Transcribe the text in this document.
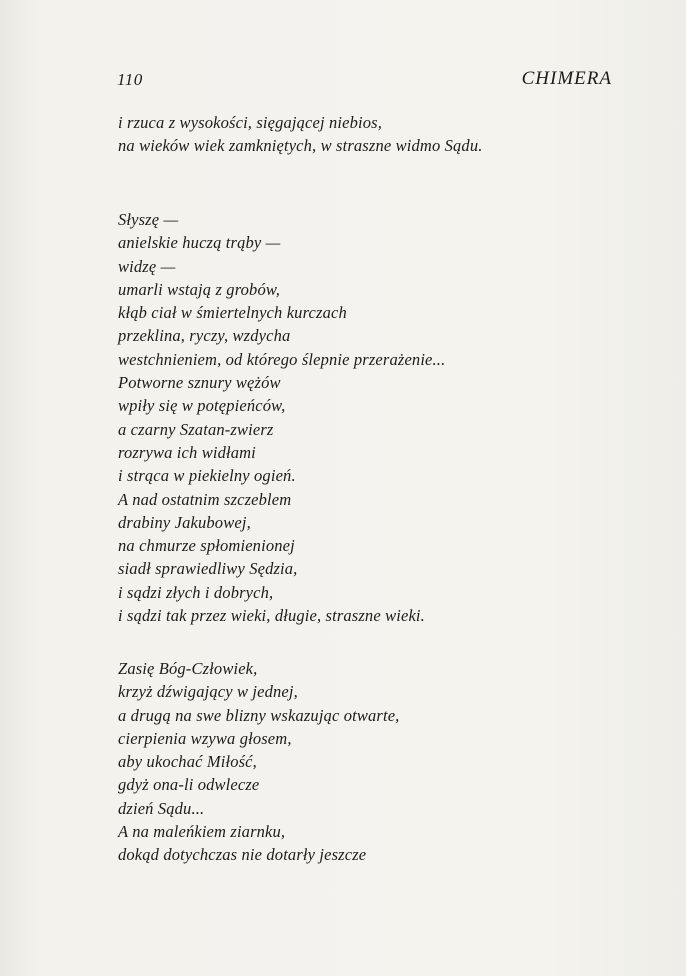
110	CHIMERA
i rzuca z wysokości, sięgającej niebios,
na wieków wiek zamkniętych, w straszne widmo Sądu.
Słyszę —
anielskie huczą trąby —
widzę —
umarli wstają z grobów,
kłąb ciał w śmiertelnych kurczach
przeklina, ryczy, wzdycha
westchnieniem, od którego ślepnie przerażenie...
Potworne sznury wężów
wpiły się w potępieńców,
a czarny Szatan-zwierz
rozrywa ich widłami
i strąca w piekielny ogień.
A nad ostatnim szczeblem
drabiny Jakubowej,
na chmurze spłomienionej
siadł sprawiedliwy Sędzia,
i sądzi złych i dobrych,
i sądzi tak przez wieki, długie, straszne wieki.
Zasię Bóg-Człowiek,
krzyż dźwigający w jednej,
a drugą na swe blizny wskazując otwarte,
cierpienia wzywa głosem,
aby ukochać Miłość,
gdyż ona-li odwlecze
dzień Sądu...
A na maleńkiem ziarnku,
dokąd dotychczas nie dotarły jeszcze
